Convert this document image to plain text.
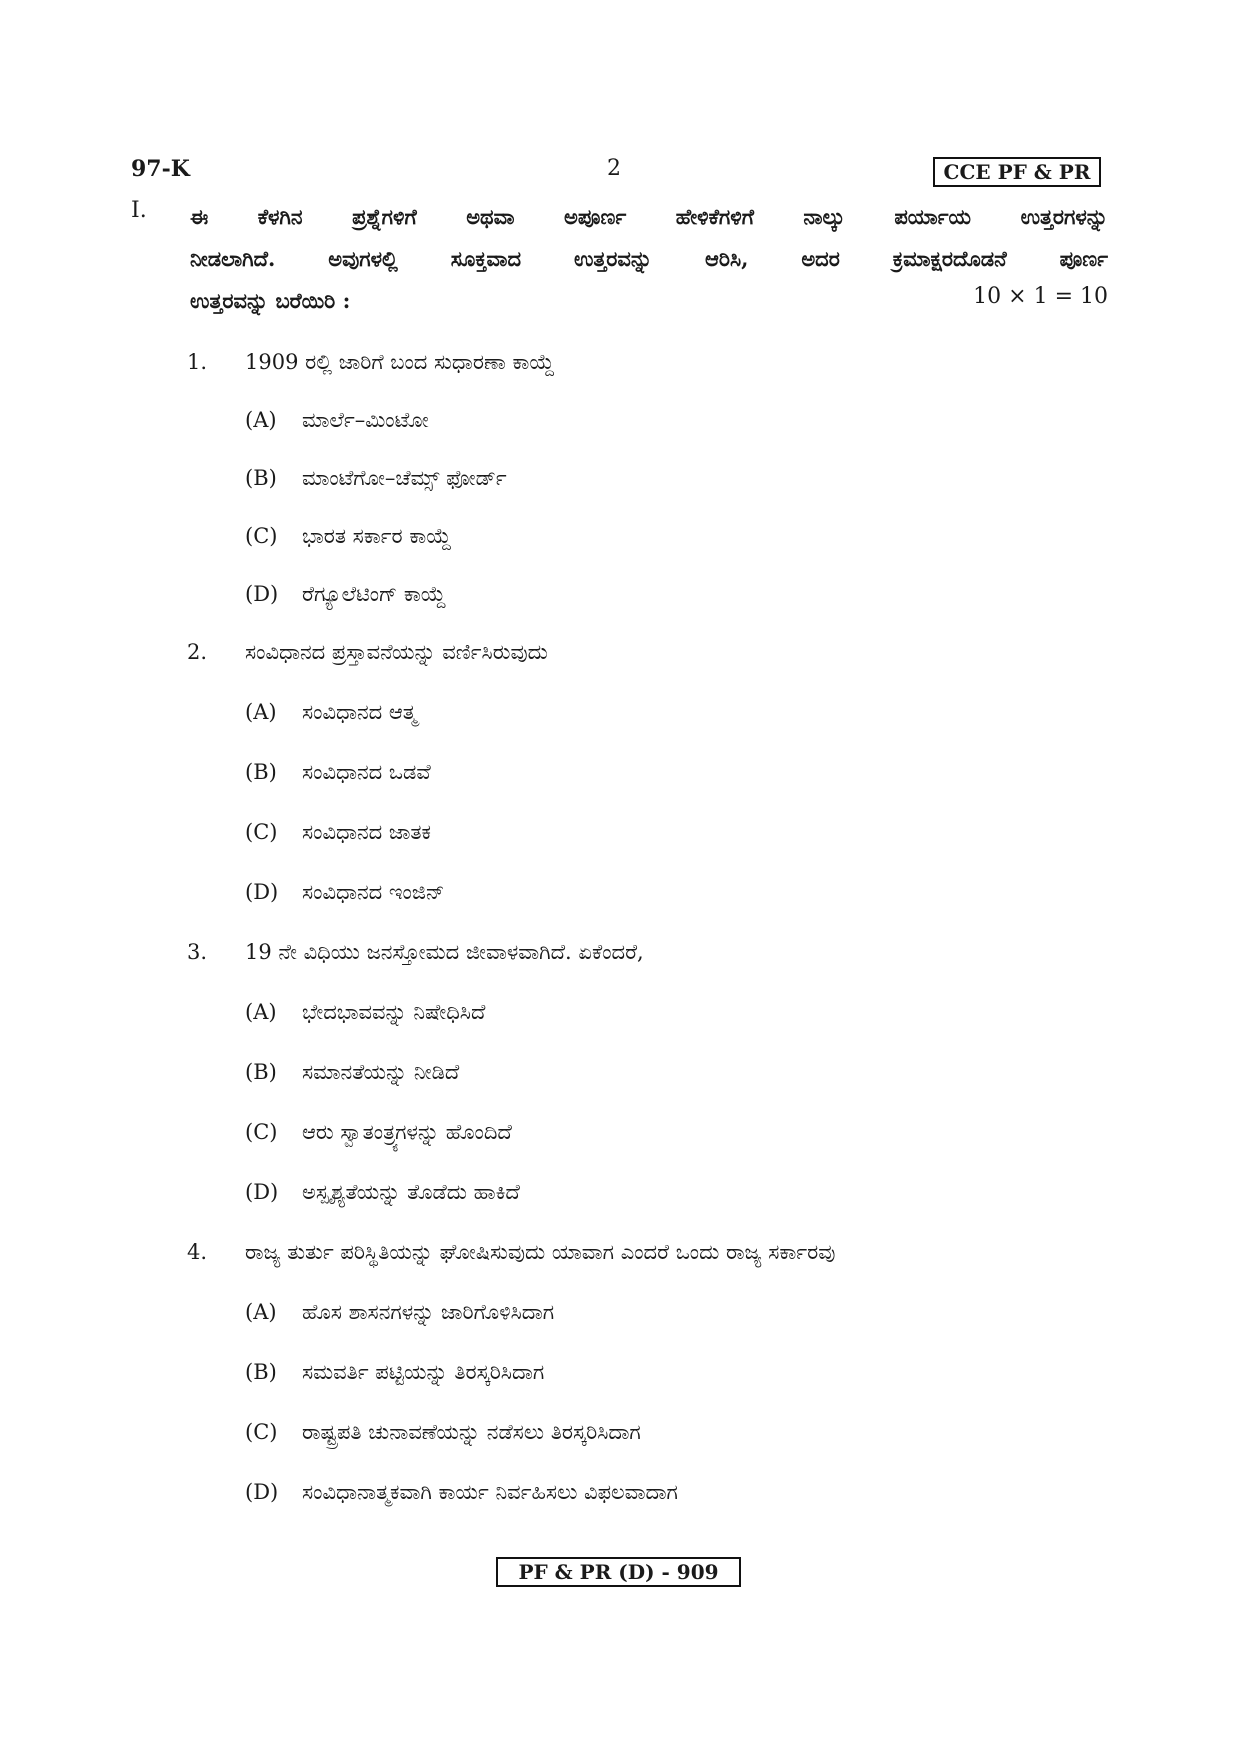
97-K	2	CCE PF & PR
I. ಈ ಕೆಳಗಿನ ಪ್ರಶ್ನೆಗಳಿಗೆ ಅಥವಾ ಅಪೂರ್ಣ ಹೇಳಿಕೆಗಳಿಗೆ ನಾಲ್ಕು ಪರ್ಯಾಯ ಉತ್ತರಗಳನ್ನು
ನೀಡಲಾಗಿದೆ. ಅವುಗಳಲ್ಲಿ ಸೂಕ್ತವಾದ ಉತ್ತರವನ್ನು ಆರಿಸಿ, ಅದರ ಕ್ರಮಾಕ್ಷರದೊಡನೆ ಪೂರ್ಣ
ಉತ್ತರವನ್ನು ಬರೆಯಿರಿ :	10 × 1 = 10
1. 1909 ರಲ್ಲಿ ಜಾರಿಗೆ ಬಂದ ಸುಧಾರಣಾ ಕಾಯ್ದೆ
(A) ಮಾರ್ಲೆ–ಮಿಂಟೋ
(B) ಮಾಂಟೆಗೋ–ಚೆಮ್ಸ್ ಫೋರ್ಡ್
(C) ಭಾರತ ಸರ್ಕಾರ ಕಾಯ್ದೆ
(D) ರೆಗ್ಯೂಲೆಟಿಂಗ್ ಕಾಯ್ದೆ
2. ಸಂವಿಧಾನದ ಪ್ರಸ್ತಾವನೆಯನ್ನು ವರ್ಣಿಸಿರುವುದು
(A) ಸಂವಿಧಾನದ ಆತ್ಮ
(B) ಸಂವಿಧಾನದ ಒಡವೆ
(C) ಸಂವಿಧಾನದ ಜಾತಕ
(D) ಸಂವಿಧಾನದ ಇಂಜಿನ್
3. 19 ನೇ ವಿಧಿಯು ಜನಸ್ತೋಮದ ಜೀವಾಳವಾಗಿದೆ. ಏಕೆಂದರೆ,
(A) ಭೇದಭಾವವನ್ನು ನಿಷೇಧಿಸಿದೆ
(B) ಸಮಾನತೆಯನ್ನು ನೀಡಿದೆ
(C) ಆರು ಸ್ವಾತಂತ್ರ್ಯಗಳನ್ನು ಹೊಂದಿದೆ
(D) ಅಸ್ಪೃಶ್ಯತೆಯನ್ನು ತೊಡೆದು ಹಾಕಿದೆ
4. ರಾಜ್ಯ ತುರ್ತು ಪರಿಸ್ಥಿತಿಯನ್ನು ಘೋಷಿಸುವುದು ಯಾವಾಗ ಎಂದರೆ ಒಂದು ರಾಜ್ಯ ಸರ್ಕಾರವು
(A) ಹೊಸ ಶಾಸನಗಳನ್ನು ಜಾರಿಗೊಳಿಸಿದಾಗ
(B) ಸಮವರ್ತಿ ಪಟ್ಟಿಯನ್ನು ತಿರಸ್ಕರಿಸಿದಾಗ
(C) ರಾಷ್ಟ್ರಪತಿ ಚುನಾವಣೆಯನ್ನು ನಡೆಸಲು ತಿರಸ್ಕರಿಸಿದಾಗ
(D) ಸಂವಿಧಾನಾತ್ಮಕವಾಗಿ ಕಾರ್ಯ ನಿರ್ವಹಿಸಲು ವಿಫಲವಾದಾಗ
PF & PR (D) - 909
